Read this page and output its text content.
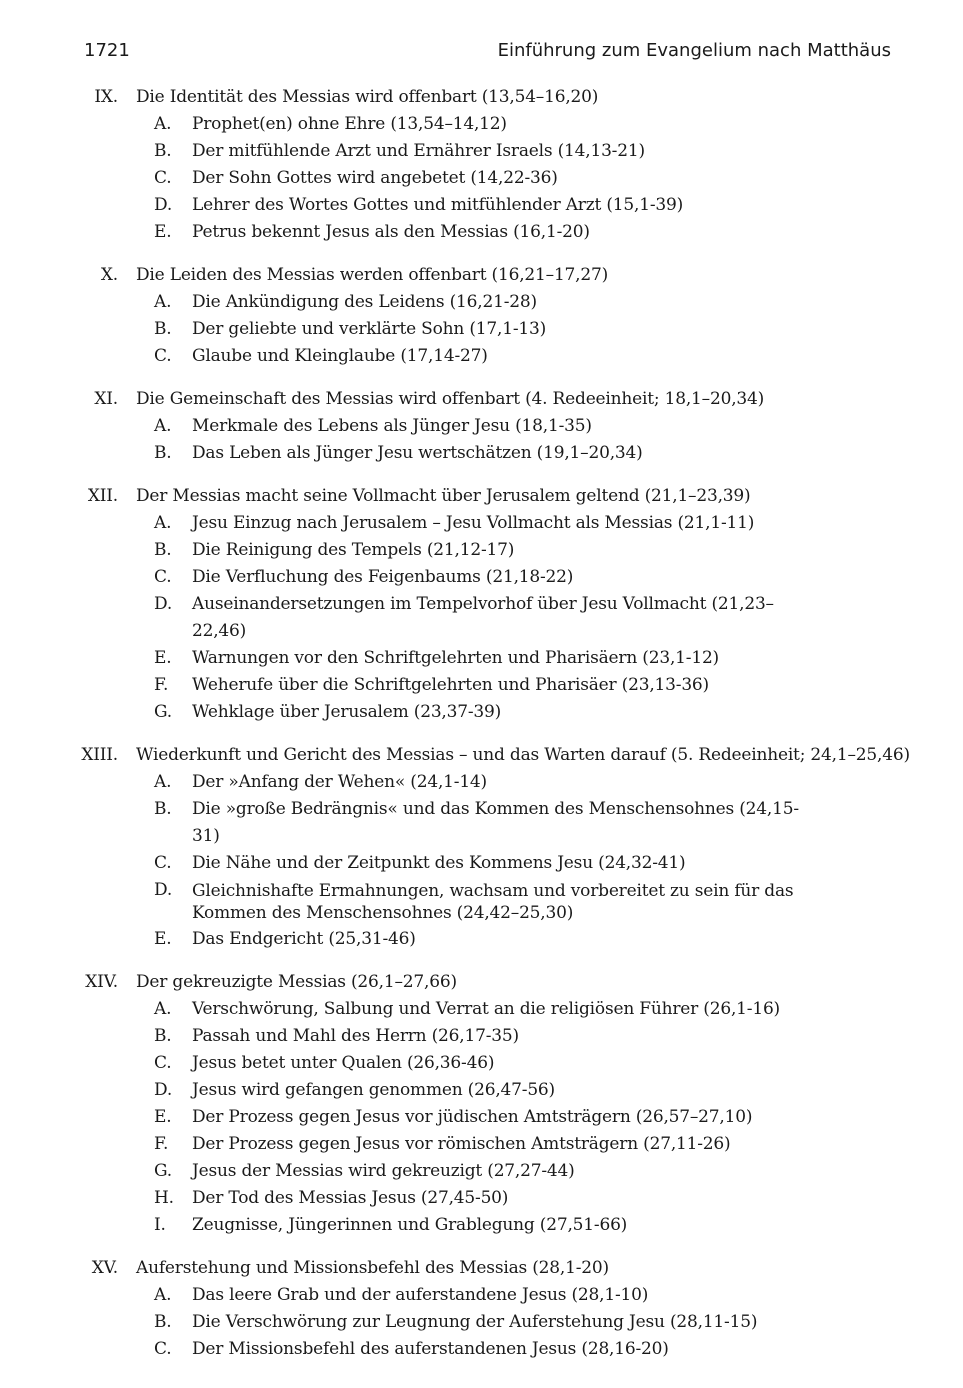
1721	Einführung zum Evangelium nach Matthäus
IX.	Die Identität des Messias wird offenbart (13,54–16,20)
A.	Prophet(en) ohne Ehre (13,54–14,12)
B.	Der mitfühlende Arzt und Ernährer Israels (14,13-21)
C.	Der Sohn Gottes wird angebetet (14,22-36)
D.	Lehrer des Wortes Gottes und mitfühlender Arzt (15,1-39)
E.	Petrus bekennt Jesus als den Messias (16,1-20)
X.	Die Leiden des Messias werden offenbart (16,21–17,27)
A.	Die Ankündigung des Leidens (16,21-28)
B.	Der geliebte und verklärte Sohn (17,1-13)
C.	Glaube und Kleinglaube (17,14-27)
XI.	Die Gemeinschaft des Messias wird offenbart (4. Redeeinheit; 18,1–20,34)
A.	Merkmale des Lebens als Jünger Jesu (18,1-35)
B.	Das Leben als Jünger Jesu wertschätzen (19,1–20,34)
XII.	Der Messias macht seine Vollmacht über Jerusalem geltend (21,1–23,39)
A.	Jesu Einzug nach Jerusalem – Jesu Vollmacht als Messias (21,1-11)
B.	Die Reinigung des Tempels (21,12-17)
C.	Die Verfluchung des Feigenbaums (21,18-22)
D.	Auseinandersetzungen im Tempelvorhof über Jesu Vollmacht (21,23–22,46)
E.	Warnungen vor den Schriftgelehrten und Pharisäern (23,1-12)
F.	Weherufe über die Schriftgelehrten und Pharisäer (23,13-36)
G.	Wehklage über Jerusalem (23,37-39)
XIII.	Wiederkunft und Gericht des Messias – und das Warten darauf (5. Redeeinheit; 24,1–25,46)
A.	Der »Anfang der Wehen« (24,1-14)
B.	Die »große Bedrängnis« und das Kommen des Menschensohnes (24,15-31)
C.	Die Nähe und der Zeitpunkt des Kommens Jesu (24,32-41)
D.	Gleichnishafte Ermahnungen, wachsam und vorbereitet zu sein für das Kommen des Menschensohnes (24,42–25,30)
E.	Das Endgericht (25,31-46)
XIV.	Der gekreuzigte Messias (26,1–27,66)
A.	Verschwörung, Salbung und Verrat an die religiösen Führer (26,1-16)
B.	Passah und Mahl des Herrn (26,17-35)
C.	Jesus betet unter Qualen (26,36-46)
D.	Jesus wird gefangen genommen (26,47-56)
E.	Der Prozess gegen Jesus vor jüdischen Amtsträgern (26,57–27,10)
F.	Der Prozess gegen Jesus vor römischen Amtsträgern (27,11-26)
G.	Jesus der Messias wird gekreuzigt (27,27-44)
H.	Der Tod des Messias Jesus (27,45-50)
I.	Zeugnisse, Jüngerinnen und Grablegung (27,51-66)
XV.	Auferstehung und Missionsbefehl des Messias (28,1-20)
A.	Das leere Grab und der auferstandene Jesus (28,1-10)
B.	Die Verschwörung zur Leugnung der Auferstehung Jesu (28,11-15)
C.	Der Missionsbefehl des auferstandenen Jesus (28,16-20)
